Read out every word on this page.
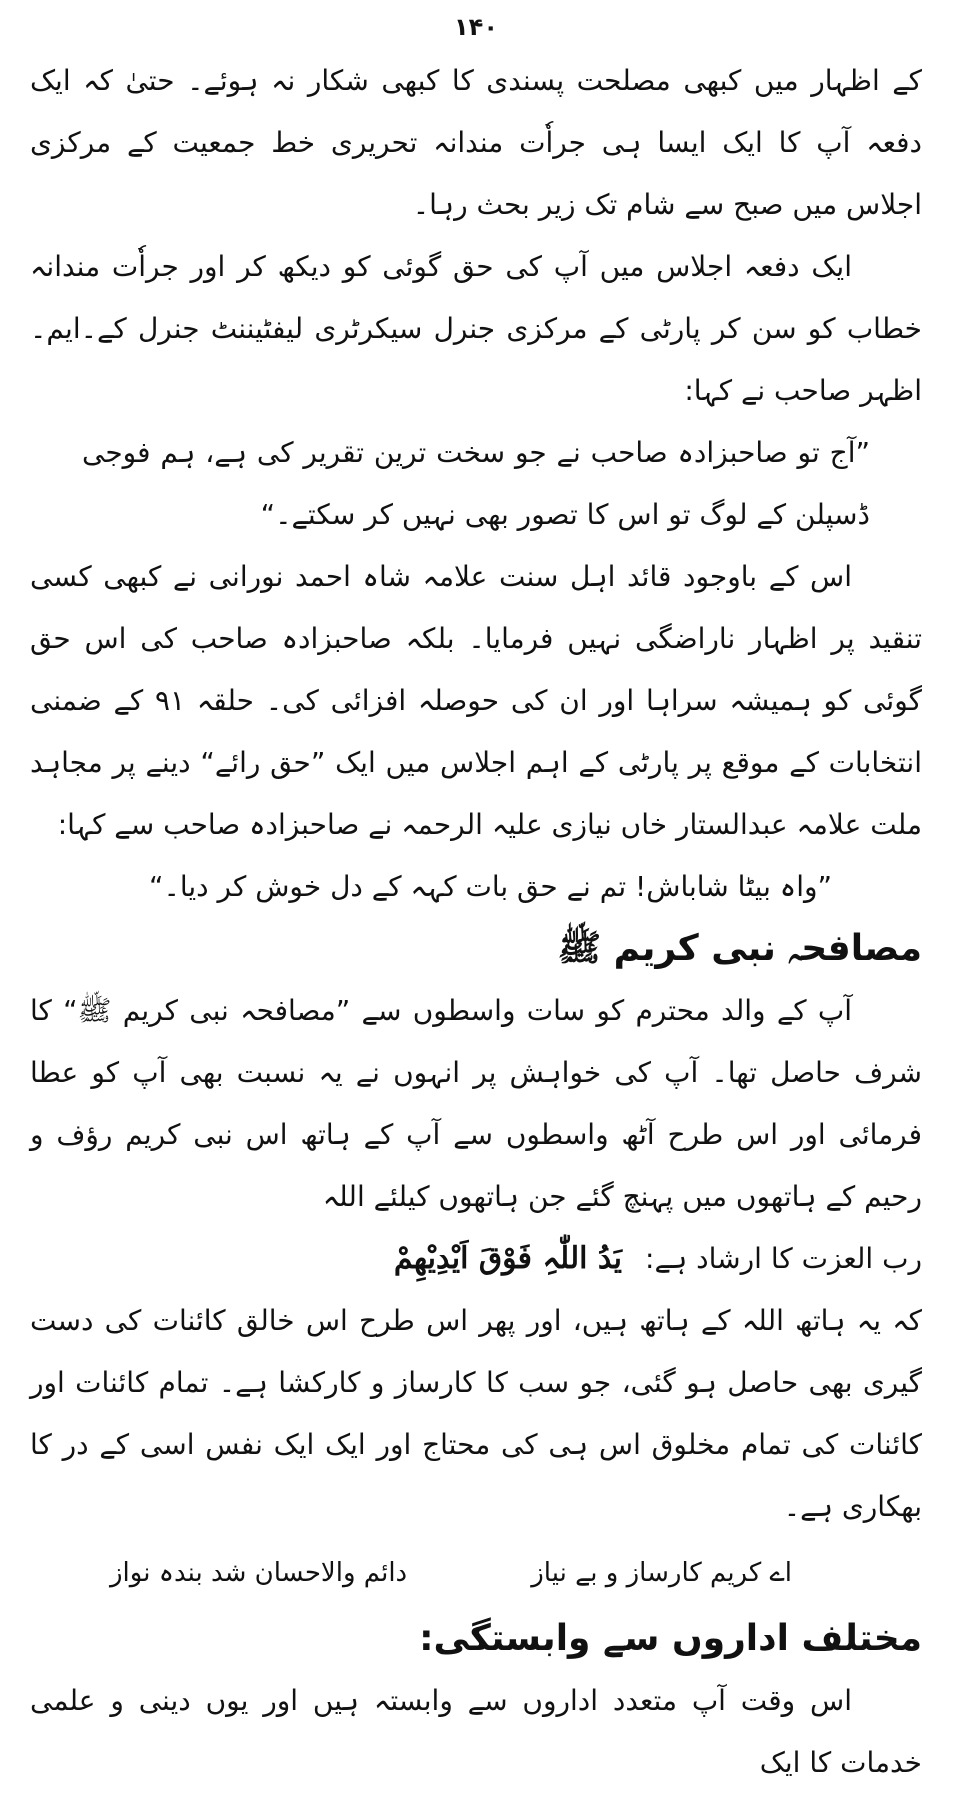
۱۴۰

کے اظہار میں کبھی مصلحت پسندی کا کبھی شکار نہ ہوئے۔ حتیٰ کہ ایک دفعہ آپ کا ایک ایسا ہی جراٗت مندانہ تحریری خط جمعیت کے مرکزی اجلاس میں صبح سے شام تک زیر بحث رہا۔

ایک دفعہ اجلاس میں آپ کی حق گوئی کو دیکھ کر اور جراٗت مندانہ خطاب کو سن کر پارٹی کے مرکزی جنرل سیکرٹری لیفٹیننٹ جنرل کے۔ایم۔اظہر صاحب نے کہا:

”آج تو صاحبزادہ صاحب نے جو سخت ترین تقریر کی ہے، ہم فوجی ڈسپلن کے لوگ تو اس کا تصور بھی نہیں کر سکتے۔“

اس کے باوجود قائد اہل سنت علامہ شاہ احمد نورانی نے کبھی کسی تنقید پر اظہار ناراضگی نہیں فرمایا۔ بلکہ صاحبزادہ صاحب کی اس حق گوئی کو ہمیشہ سراہا اور ان کی حوصلہ افزائی کی۔ حلقہ ۹۱ کے ضمنی انتخابات کے موقع پر پارٹی کے اہم اجلاس میں ایک ”حق رائے“ دینے پر مجاہد ملت علامہ عبدالستار خاں نیازی علیہ الرحمہ نے صاحبزادہ صاحب سے کہا:

”واہ بیٹا شاباش! تم نے حق بات کہہ کے دل خوش کر دیا۔“

مصافحہ نبی کریم ﷺ

آپ کے والد محترم کو سات واسطوں سے ”مصافحہ نبی کریم ﷺ“ کا شرف حاصل تھا۔ آپ کی خواہش پر انہوں نے یہ نسبت بھی آپ کو عطا فرمائی اور اس طرح آٹھ واسطوں سے آپ کے ہاتھ اس نبی کریم رؤف و رحیم کے ہاتھوں میں پہنچ گئے جن ہاتھوں کیلئے اللہ

رب العزت کا ارشاد ہے:
یَدُ اللّٰہِ فَوْقَ اَیْدِیْھِمْ

کہ یہ ہاتھ اللہ کے ہاتھ ہیں، اور پھر اس طرح اس خالق کائنات کی دست گیری بھی حاصل ہو گئی، جو سب کا کارساز و کارکشا ہے۔ تمام کائنات اور کائنات کی تمام مخلوق اس ہی کی محتاج اور ایک ایک نفس اسی کے در کا بھکاری ہے۔

اے کریم کارساز و بے نیاز
دائم والاحسان شد بندہ نواز
مختلف اداروں سے وابستگی:

اس وقت آپ متعدد اداروں سے وابستہ ہیں اور یوں دینی و علمی خدمات کا ایک
